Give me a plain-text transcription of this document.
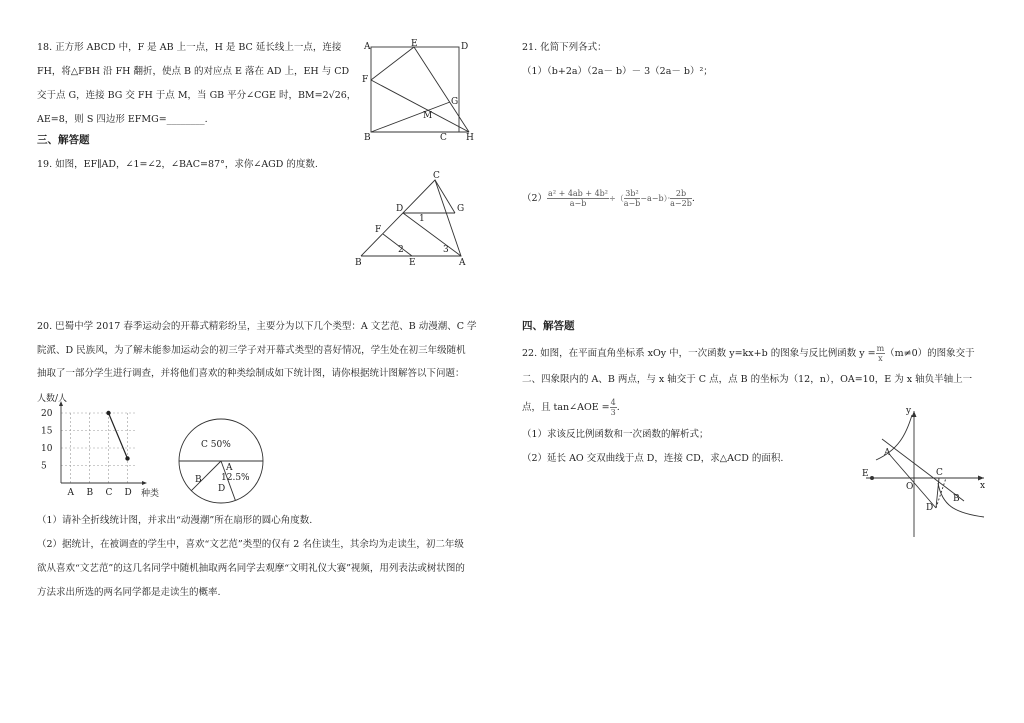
18. 正方形 ABCD 中，F 是 AB 上一点，H 是 BC 延长线上一点，连接
FH，将△FBH 沿 FH 翻折，使点 B 的对应点 E 落在 AD 上，EH 与 CD
交于点 G，连接 BG 交 FH 于点 M，当 GB 平分∠CGE 时，BM=2√26，
AE=8，则 S 四边形 EFMG=________.
A	E	D
F
G
M
B	C H
三、解答题
19. 如图，EF∥AD，∠1=∠2，∠BAC=87°，求你∠AGD 的度数.
C
D	G
1
F
2	3
B	E	A
20. 巴蜀中学 2017 春季运动会的开幕式精彩纷呈，主要分为以下几个类型：A 文艺范、B 动漫潮、C 学
院派、D 民族风，为了解未能参加运动会的初三学子对开幕式类型的喜好情况，学生处在初三年级随机
抽取了一部分学生进行调查，并将他们喜欢的种类绘制成如下统计图，请你根据统计图解答以下问题：
人数/人
种类
5
10
15
20
A B C D
C 50%
B
A
12.5%
D
（1）请补全折线统计图，并求出“动漫潮”所在扇形的圆心角度数.
（2）据统计，在被调查的学生中，喜欢“文艺范”类型的仅有 2 名住读生，其余均为走读生，初二年级
欲从喜欢“文艺范”的这几名同学中随机抽取两名同学去观摩“文明礼仪大赛”视频，用列表法或树状图的
方法求出所选的两名同学都是走读生的概率.
21. 化简下列各式：
（1）（b+2a）（2a－ b）－ 3（2a－ b）²；
$(2) \frac{\text{a² + 4ab + 4b²}}{a-b}$ ÷（ $\frac{\text{3b²}}{a-b} -a-b)\cdot \frac{2b}{a-2b}$ .
四、解答题
22. 如图，在平面直角坐标系 xOy 中，一次函数 y=kx+b 的图象与反比例函数 $y = \frac{m}{x} (m\ne 0)$的图象交于
二、四象限内的 A、B 两点，与 x 轴交于 C 点，点 B 的坐标为（12，n），OA=10，E 为 x 轴负半轴上一
点，且 tan∠AOE = $\frac{4}{3}$ .
（1）求该反比例函数和一次函数的解析式；
（2）延长 AO 交双曲线于点 D，连接 CD，求△ACD 的面积.
y
A
C
E
O
B
x
D
